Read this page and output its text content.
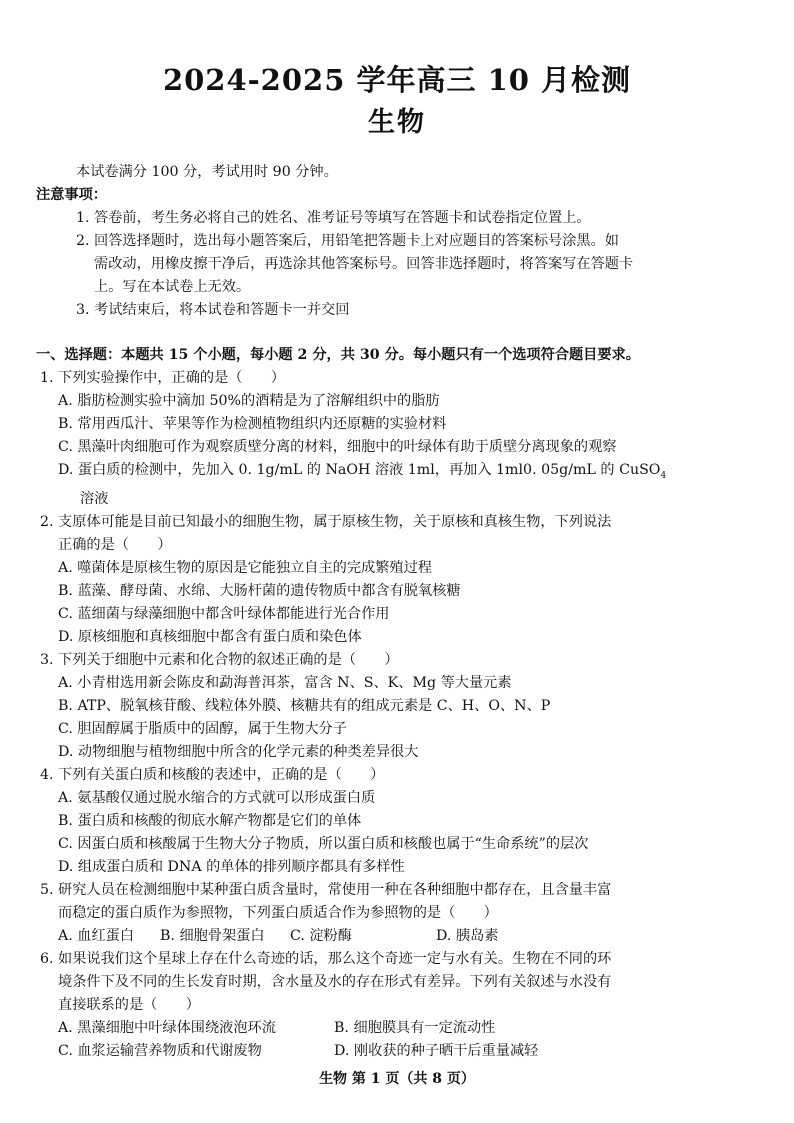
2024-2025 学年高三 10 月检测
生物
本试卷满分 100 分，考试用时 90 分钟。
注意事项：
1. 答卷前，考生务必将自己的姓名、准考证号等填写在答题卡和试卷指定位置上。
2. 回答选择题时，选出每小题答案后，用铅笔把答题卡上对应题目的答案标号涂黑。如
需改动，用橡皮擦干净后，再选涂其他答案标号。回答非选择题时，将答案写在答题卡
上。写在本试卷上无效。
3. 考试结束后，将本试卷和答题卡一并交回
一、选择题：本题共 15 个小题，每小题 2 分，共 30 分。每小题只有一个选项符合题目要求。
1. 下列实验操作中，正确的是（　　）
A. 脂肪检测实验中滴加 50%的酒精是为了溶解组织中的脂肪
B. 常用西瓜汁、苹果等作为检测植物组织内还原糖的实验材料
C. 黑藻叶肉细胞可作为观察质壁分离的材料，细胞中的叶绿体有助于质壁分离现象的观察
D. 蛋白质的检测中，先加入 0. 1g/mL 的 NaOH 溶液 1ml，再加入 1ml0. 05g/mL 的 CuSO$_4$
溶液
2. 支原体可能是目前已知最小的细胞生物，属于原核生物，关于原核和真核生物，下列说法
正确的是（　　）
A. 噬菌体是原核生物的原因是它能独立自主的完成繁殖过程
B. 蓝藻、酵母菌、水绵、大肠杆菌的遗传物质中都含有脱氧核糖
C. 蓝细菌与绿藻细胞中都含叶绿体都能进行光合作用
D. 原核细胞和真核细胞中都含有蛋白质和染色体
3. 下列关于细胞中元素和化合物的叙述正确的是（　　）
A. 小青柑选用新会陈皮和勐海普洱茶，富含 N、S、K、Mg 等大量元素
B. ATP、脱氧核苷酸、线粒体外膜、核糖共有的组成元素是 C、H、O、N、P
C. 胆固醇属于脂质中的固醇，属于生物大分子
D. 动物细胞与植物细胞中所含的化学元素的种类差异很大
4. 下列有关蛋白质和核酸的表述中，正确的是（　　）
A. 氨基酸仅通过脱水缩合的方式就可以形成蛋白质
B. 蛋白质和核酸的彻底水解产物都是它们的单体
C. 因蛋白质和核酸属于生物大分子物质，所以蛋白质和核酸也属于“生命系统”的层次
D. 组成蛋白质和 DNA 的单体的排列顺序都具有多样性
5. 研究人员在检测细胞中某种蛋白质含量时，常使用一种在各种细胞中都存在，且含量丰富
而稳定的蛋白质作为参照物，下列蛋白质适合作为参照物的是（　　）
A. 血红蛋白	B. 细胞骨架蛋白	C. 淀粉酶	D. 胰岛素
6. 如果说我们这个星球上存在什么奇迹的话，那么这个奇迹一定与水有关。生物在不同的环
境条件下及不同的生长发育时期，含水量及水的存在形式有差异。下列有关叙述与水没有
直接联系的是（　　）
A. 黑藻细胞中叶绿体围绕液泡环流	B. 细胞膜具有一定流动性
C. 血浆运输营养物质和代谢废物	D. 刚收获的种子晒干后重量减轻
生物 第 1 页（共 8 页）
